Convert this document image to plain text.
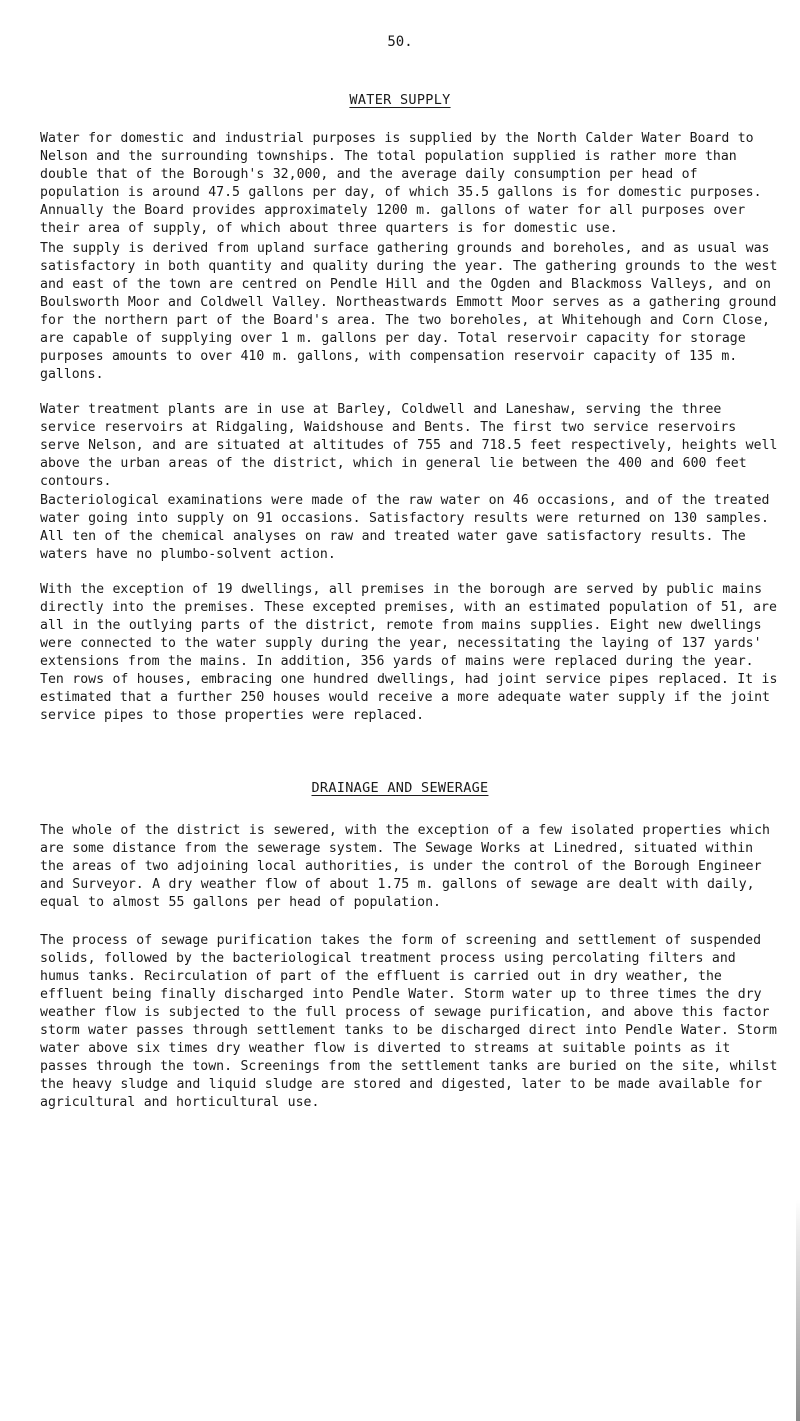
50.
WATER SUPPLY

Water for domestic and industrial purposes is supplied by the North Calder Water Board to Nelson and the surrounding townships. The total population supplied is rather more than double that of the Borough's 32,000, and the average daily consumption per head of population is around 47.5 gallons per day, of which 35.5 gallons is for domestic purposes. Annually the Board provides approximately 1200 m. gallons of water for all purposes over their area of supply, of which about three quarters is for domestic use.

The supply is derived from upland surface gathering grounds and boreholes, and as usual was satisfactory in both quantity and quality during the year. The gathering grounds to the west and east of the town are centred on Pendle Hill and the Ogden and Blackmoss Valleys, and on Boulsworth Moor and Coldwell Valley. Northeastwards Emmott Moor serves as a gathering ground for the northern part of the Board's area. The two boreholes, at Whitehough and Corn Close, are capable of supplying over 1 m. gallons per day. Total reservoir capacity for storage purposes amounts to over 410 m. gallons, with compensation reservoir capacity of 135 m. gallons.

Water treatment plants are in use at Barley, Coldwell and Laneshaw, serving the three service reservoirs at Ridgaling, Waidshouse and Bents. The first two service reservoirs serve Nelson, and are situated at altitudes of 755 and 718.5 feet respectively, heights well above the urban areas of the district, which in general lie between the 400 and 600 feet contours.

Bacteriological examinations were made of the raw water on 46 occasions, and of the treated water going into supply on 91 occasions. Satisfactory results were returned on 130 samples. All ten of the chemical analyses on raw and treated water gave satisfactory results. The waters have no plumbo-solvent action.

With the exception of 19 dwellings, all premises in the borough are served by public mains directly into the premises. These excepted premises, with an estimated population of 51, are all in the outlying parts of the district, remote from mains supplies. Eight new dwellings were connected to the water supply during the year, necessitating the laying of 137 yards' extensions from the mains. In addition, 356 yards of mains were replaced during the year. Ten rows of houses, embracing one hundred dwellings, had joint service pipes replaced. It is estimated that a further 250 houses would receive a more adequate water supply if the joint service pipes to those properties were replaced.

DRAINAGE AND SEWERAGE

The whole of the district is sewered, with the exception of a few isolated properties which are some distance from the sewerage system. The Sewage Works at Linedred, situated within the areas of two adjoining local authorities, is under the control of the Borough Engineer and Surveyor. A dry weather flow of about 1.75 m. gallons of sewage are dealt with daily, equal to almost 55 gallons per head of population.

The process of sewage purification takes the form of screening and settlement of suspended solids, followed by the bacteriological treatment process using percolating filters and humus tanks. Recirculation of part of the effluent is carried out in dry weather, the effluent being finally discharged into Pendle Water. Storm water up to three times the dry weather flow is subjected to the full process of sewage purification, and above this factor storm water passes through settlement tanks to be discharged direct into Pendle Water. Storm water above six times dry weather flow is diverted to streams at suitable points as it passes through the town. Screenings from the settlement tanks are buried on the site, whilst the heavy sludge and liquid sludge are stored and digested, later to be made available for agricultural and horticultural use.
